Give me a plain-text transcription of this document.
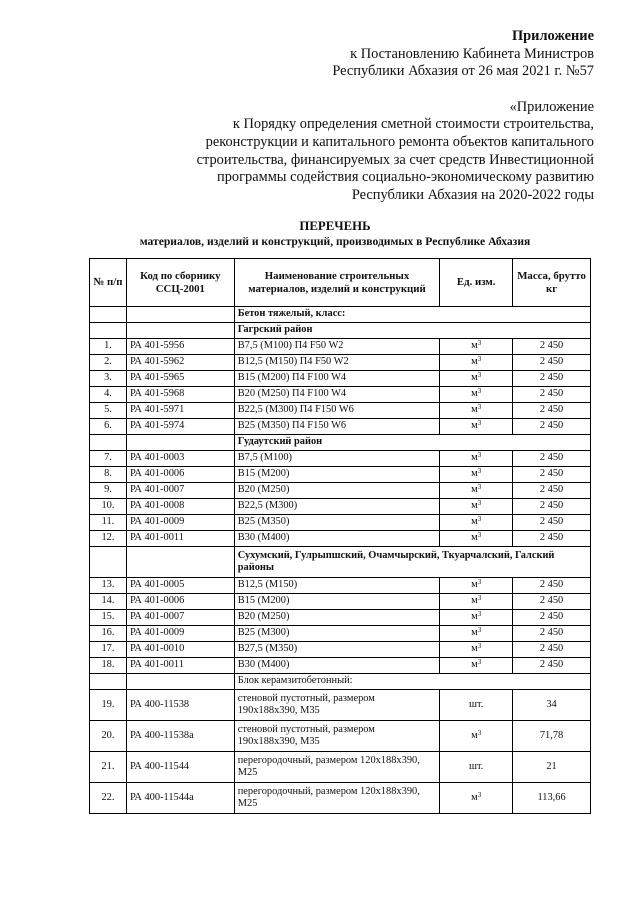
Приложение
к Постановлению Кабинета Министров
Республики Абхазия от 26 мая 2021 г. №57
«Приложение
к Порядку определения сметной стоимости строительства,
реконструкции и капитального ремонта объектов капитального
строительства, финансируемых за счет средств Инвестиционной
программы содействия социально-экономическому развитию
Республики Абхазия на 2020-2022 годы
ПЕРЕЧЕНЬ
материалов, изделий и конструкций, производимых в Республике Абхазия
№ п/п	Код по сборнику ССЦ-2001	Наименование строительных материалов, изделий и конструкций	Ед. изм.	Масса, брутто кг
		Бетон тяжелый, класс:		
		Гагрский район		
1.	РА 401-5956	B7,5 (M100) П4 F50 W2	$м^3$	2 450
2.	РА 401-5962	B12,5 (M150) П4 F50 W2	$м^3$	2 450
3.	РА 401-5965	B15 (M200) П4 F100 W4	$м^3$	2 450
4.	РА 401-5968	B20 (M250) П4 F100 W4	$м^3$	2 450
5.	РА 401-5971	B22,5 (M300) П4 F150 W6	$м^3$	2 450
6.	РА 401-5974	B25 (M350) П4 F150 W6	$м^3$	2 450
		Гудаутский район		
7.	РА 401-0003	B7,5 (M100)	$м^3$	2 450
8.	РА 401-0006	B15 (M200)	$м^3$	2 450
9.	РА 401-0007	B20 (M250)	$м^3$	2 450
10.	РА 401-0008	B22,5 (M300)	$м^3$	2 450
11.	РА 401-0009	B25 (M350)	$м^3$	2 450
12.	РА 401-0011	B30 (M400)	$м^3$	2 450
		Сухумский, Гулрыпшский, Очамчырский, Ткуарчалский, Галский районы		
13.	РА 401-0005	B12,5 (M150)	$м^3$	2 450
14.	РА 401-0006	B15 (M200)	$м^3$	2 450
15.	РА 401-0007	B20 (M250)	$м^3$	2 450
16.	РА 401-0009	B25 (M300)	$м^3$	2 450
17.	РА 401-0010	B27,5 (M350)	$м^3$	2 450
18.	РА 401-0011	B30 (M400)	$м^3$	2 450
		Блок керамзитобетонный:		
19.	РА 400-11538	стеновой пустотный, размером 190х188х390, М35	шт.	34
20.	РА 400-11538а	стеновой пустотный, размером 190х188х390, М35	$м^3$	71,78
21.	РА 400-11544	перегородочный, размером 120х188х390, М25	шт.	21
22.	РА 400-11544а	перегородочный, размером 120х188х390, М25	$м^3$	113,66
